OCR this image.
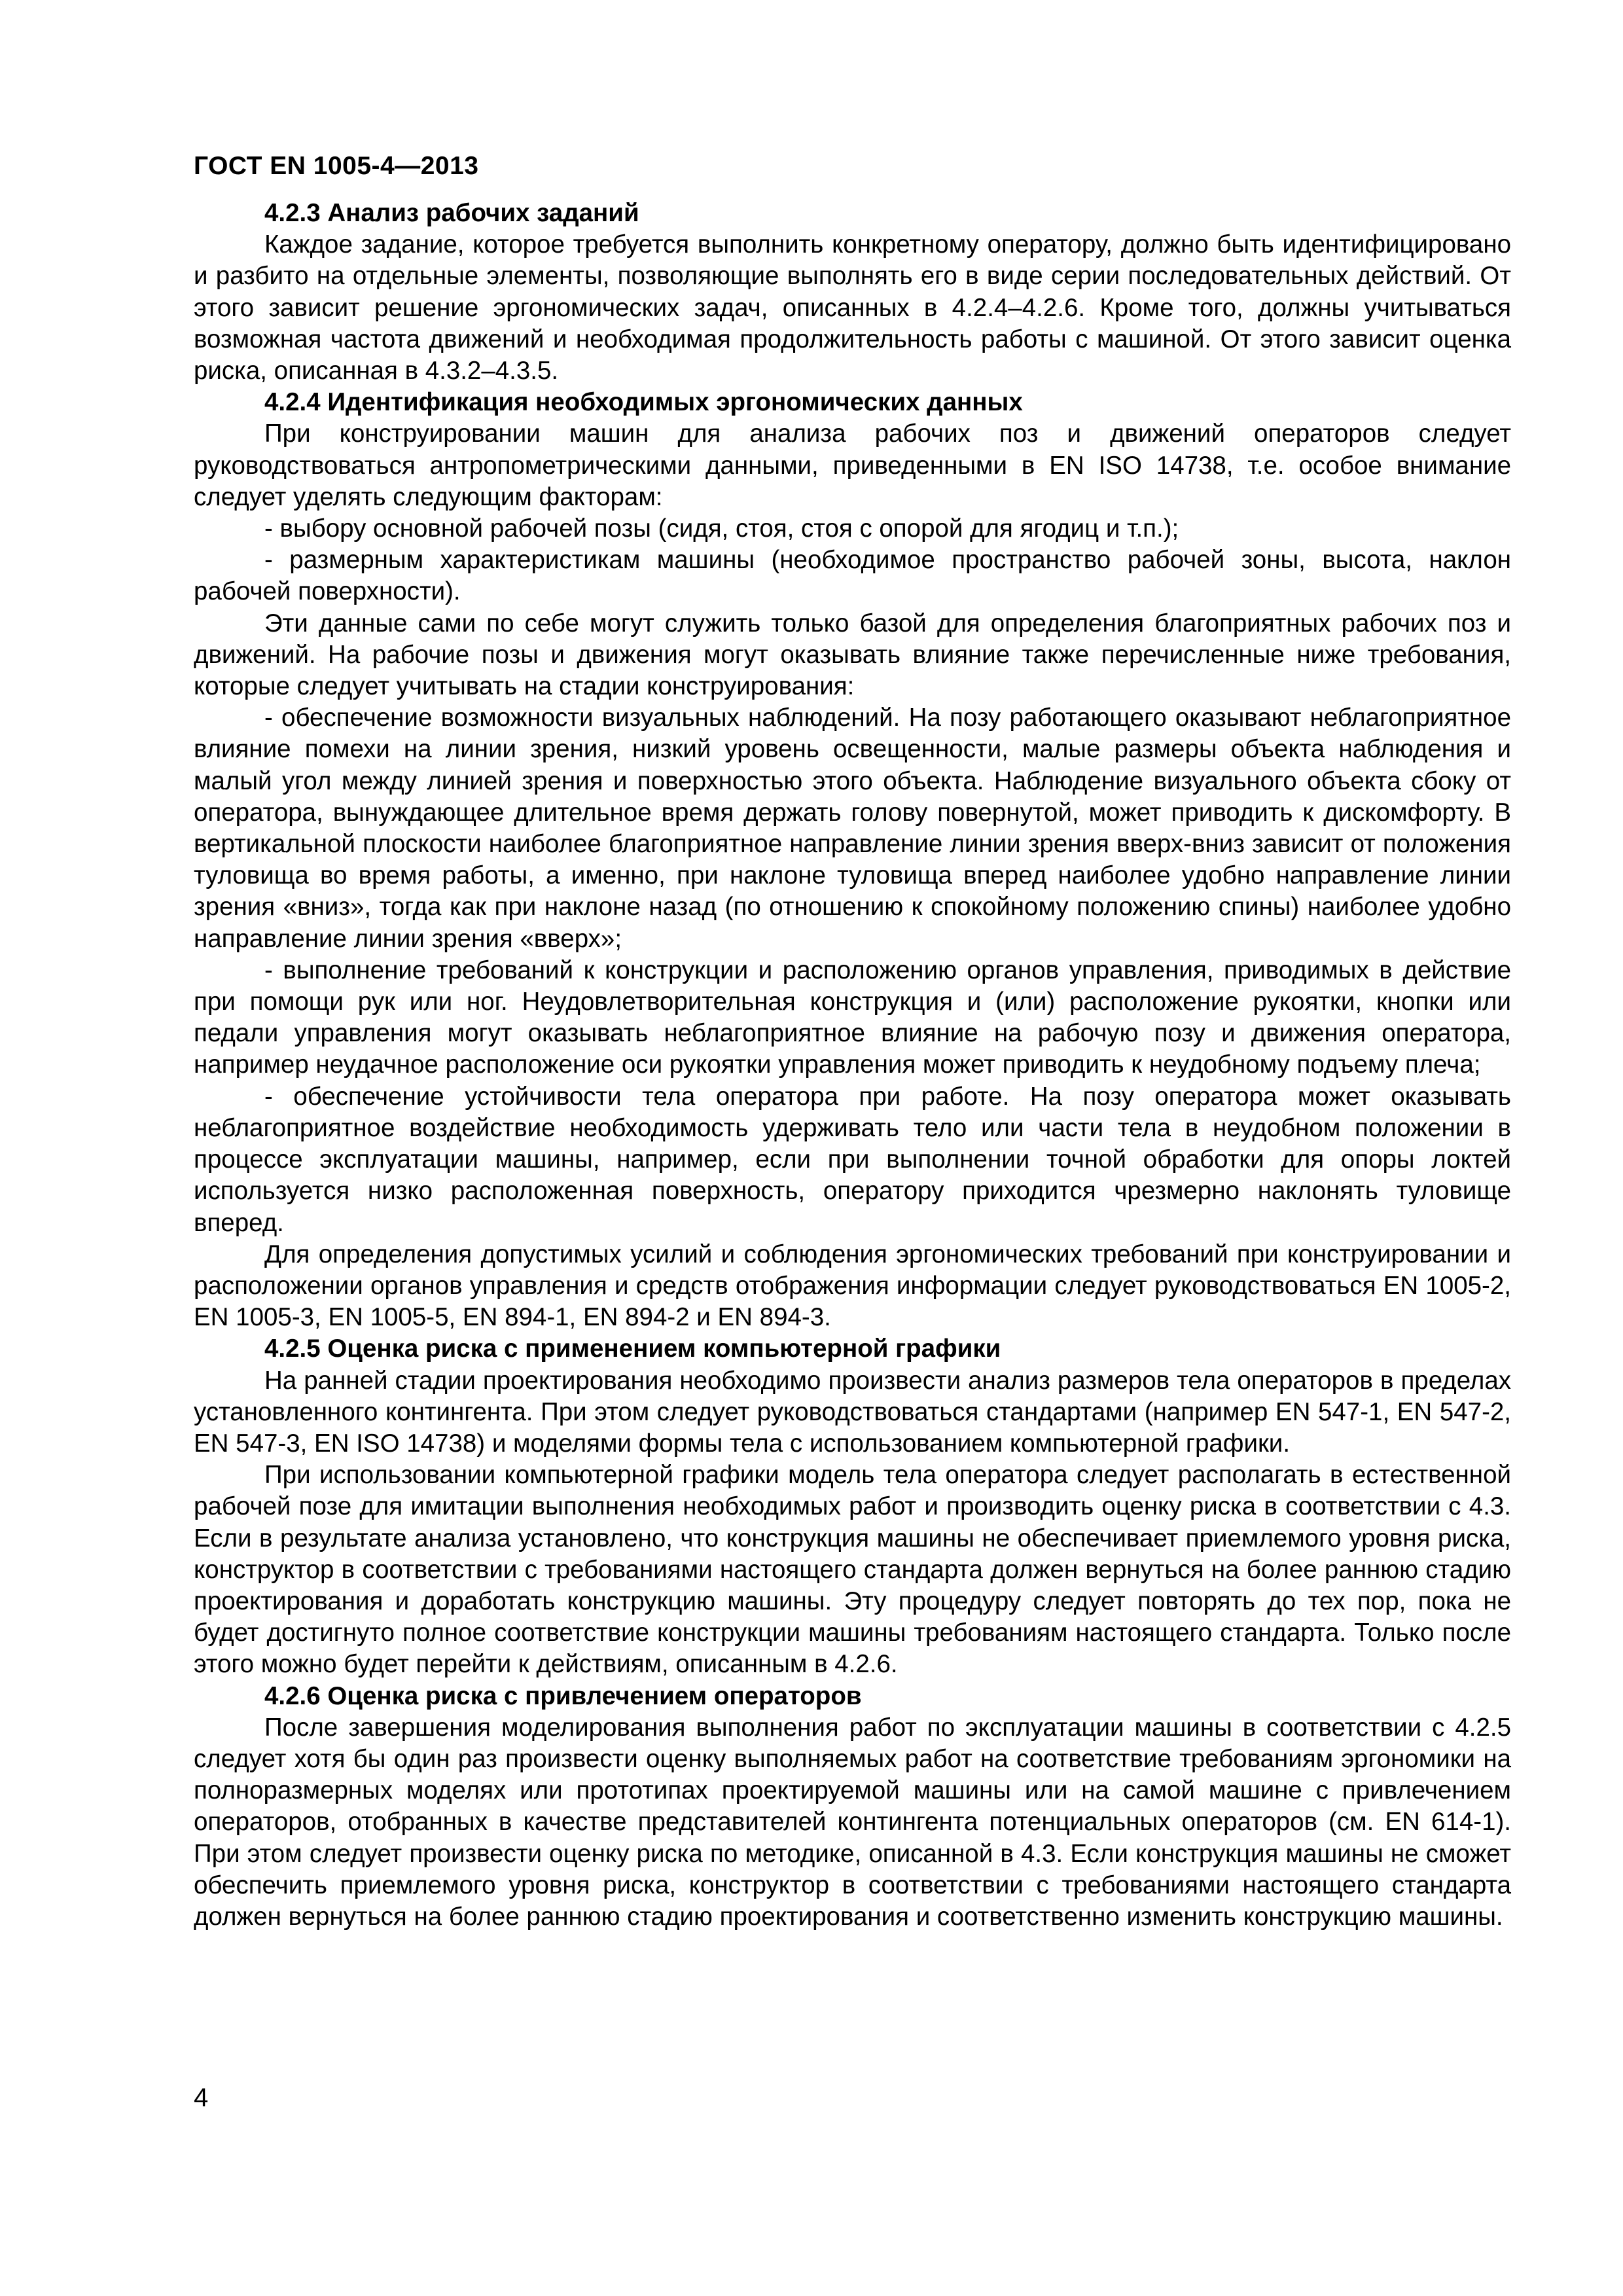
ГОСТ EN 1005-4—2013

4.2.3 Анализ рабочих заданий

Каждое задание, которое требуется выполнить конкретному оператору, должно быть идентифицировано и разбито на отдельные элементы, позволяющие выполнять его в виде серии последовательных действий. От этого зависит решение эргономических задач, описанных в 4.2.4–4.2.6. Кроме того, должны учитываться возможная частота движений и необходимая продолжительность работы с машиной. От этого зависит оценка риска, описанная в 4.3.2–4.3.5.

4.2.4 Идентификация необходимых эргономических данных

При конструировании машин для анализа рабочих поз и движений операторов следует руководствоваться антропометрическими данными, приведенными в EN ISO 14738, т.е. особое внимание следует уделять следующим факторам:

- выбору основной рабочей позы (сидя, стоя, стоя с опорой для ягодиц и т.п.);

- размерным характеристикам машины (необходимое пространство рабочей зоны, высота, наклон рабочей поверхности).

Эти данные сами по себе могут служить только базой для определения благоприятных рабочих поз и движений. На рабочие позы и движения могут оказывать влияние также перечисленные ниже требования, которые следует учитывать на стадии конструирования:

- обеспечение возможности визуальных наблюдений. На позу работающего оказывают неблагоприятное влияние помехи на линии зрения, низкий уровень освещенности, малые размеры объекта наблюдения и малый угол между линией зрения и поверхностью этого объекта. Наблюдение визуального объекта сбоку от оператора, вынуждающее длительное время держать голову повернутой, может приводить к дискомфорту. В вертикальной плоскости наиболее благоприятное направление линии зрения вверх-вниз зависит от положения туловища во время работы, а именно, при наклоне туловища вперед наиболее удобно направление линии зрения «вниз», тогда как при наклоне назад (по отношению к спокойному положению спины) наиболее удобно направление линии зрения «вверх»;

- выполнение требований к конструкции и расположению органов управления, приводимых в действие при помощи рук или ног. Неудовлетворительная конструкция и (или) расположение рукоятки, кнопки или педали управления могут оказывать неблагоприятное влияние на рабочую позу и движения оператора, например неудачное расположение оси рукоятки управления может приводить к неудобному подъему плеча;

- обеспечение устойчивости тела оператора при работе. На позу оператора может оказывать неблагоприятное воздействие необходимость удерживать тело или части тела в неудобном положении в процессе эксплуатации машины, например, если при выполнении точной обработки для опоры локтей используется низко расположенная поверхность, оператору приходится чрезмерно наклонять туловище вперед.

Для определения допустимых усилий и соблюдения эргономических требований при конструировании и расположении органов управления и средств отображения информации следует руководствоваться EN 1005-2, EN 1005-3, EN 1005-5, EN 894-1, EN 894-2 и EN 894-3.

4.2.5 Оценка риска с применением компьютерной графики

На ранней стадии проектирования необходимо произвести анализ размеров тела операторов в пределах установленного контингента. При этом следует руководствоваться стандартами (например EN 547-1, EN 547-2, EN 547-3, EN ISO 14738) и моделями формы тела с использованием компьютерной графики.

При использовании компьютерной графики модель тела оператора следует располагать в естественной рабочей позе для имитации выполнения необходимых работ и производить оценку риска в соответствии с 4.3. Если в результате анализа установлено, что конструкция машины не обеспечивает приемлемого уровня риска, конструктор в соответствии с требованиями настоящего стандарта должен вернуться на более раннюю стадию проектирования и доработать конструкцию машины. Эту процедуру следует повторять до тех пор, пока не будет достигнуто полное соответствие конструкции машины требованиям настоящего стандарта. Только после этого можно будет перейти к действиям, описанным в 4.2.6.

4.2.6 Оценка риска с привлечением операторов

После завершения моделирования выполнения работ по эксплуатации машины в соответствии с 4.2.5 следует хотя бы один раз произвести оценку выполняемых работ на соответствие требованиям эргономики на полноразмерных моделях или прототипах проектируемой машины или на самой машине с привлечением операторов, отобранных в качестве представителей контингента потенциальных операторов (см. EN 614-1). При этом следует произвести оценку риска по методике, описанной в 4.3. Если конструкция машины не сможет обеспечить приемлемого уровня риска, конструктор в соответствии с требованиями настоящего стандарта должен вернуться на более раннюю стадию проектирования и соответственно изменить конструкцию машины.

4
